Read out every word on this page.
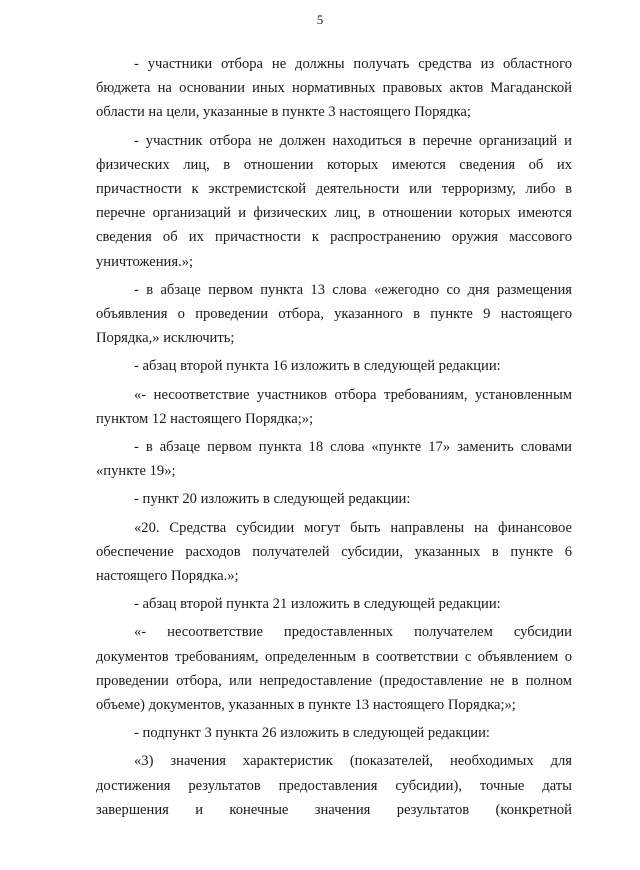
5

- участники отбора не должны получать средства из областного бюджета на основании иных нормативных правовых актов Магаданской области на цели, указанные в пункте 3 настоящего Порядка;

- участник отбора не должен находиться в перечне организаций и физических лиц, в отношении которых имеются сведения об их причастности к экстремистской деятельности или терроризму, либо в перечне организаций и физических лиц, в отношении которых имеются сведения об их причастности к распространению оружия массового уничтожения.»;

- в абзаце первом пункта 13 слова «ежегодно со дня размещения объявления о проведении отбора, указанного в пункте 9 настоящего Порядка,» исключить;

- абзац второй пункта 16 изложить в следующей редакции:

«- несоответствие участников отбора требованиям, установленным пунктом 12 настоящего Порядка;»;

- в абзаце первом пункта 18 слова «пункте 17» заменить словами «пункте 19»;

- пункт 20 изложить в следующей редакции:

«20. Средства субсидии могут быть направлены на финансовое обеспечение расходов получателей субсидии, указанных в пункте 6 настоящего Порядка.»;

- абзац второй пункта 21 изложить в следующей редакции:

«- несоответствие предоставленных получателем субсидии документов требованиям, определенным в соответствии с объявлением о проведении отбора, или непредоставление (предоставление не в полном объеме) документов, указанных в пункте 13 настоящего Порядка;»;

- подпункт 3 пункта 26 изложить в следующей редакции:

«3) значения характеристик (показателей, необходимых для достижения результатов предоставления субсидии), точные даты завершения и конечные значения результатов (конкретной
